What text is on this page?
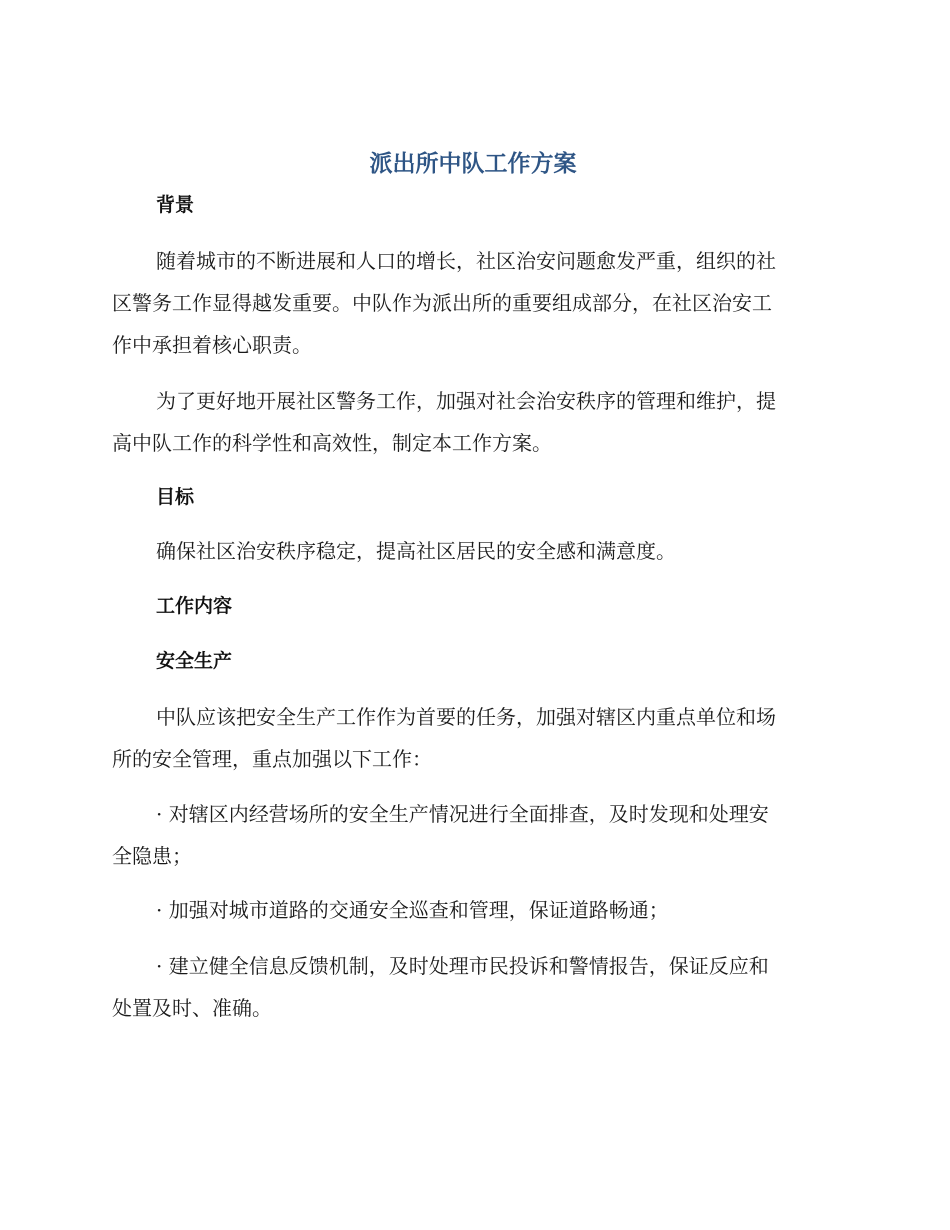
派出所中队工作方案
背景

随着城市的不断进展和人口的增长，社区治安问题愈发严重，组织的社
区警务工作显得越发重要。中队作为派出所的重要组成部分，在社区治安工
作中承担着核心职责。

为了更好地开展社区警务工作，加强对社会治安秩序的管理和维护，提
高中队工作的科学性和高效性，制定本工作方案。

目标

确保社区治安秩序稳定，提高社区居民的安全感和满意度。

工作内容
安全生产

中队应该把安全生产工作作为首要的任务，加强对辖区内重点单位和场
所的安全管理，重点加强以下工作：

· 对辖区内经营场所的安全生产情况进行全面排查，及时发现和处理安
全隐患；

· 加强对城市道路的交通安全巡查和管理，保证道路畅通；

· 建立健全信息反馈机制，及时处理市民投诉和警情报告，保证反应和
处置及时、准确。
